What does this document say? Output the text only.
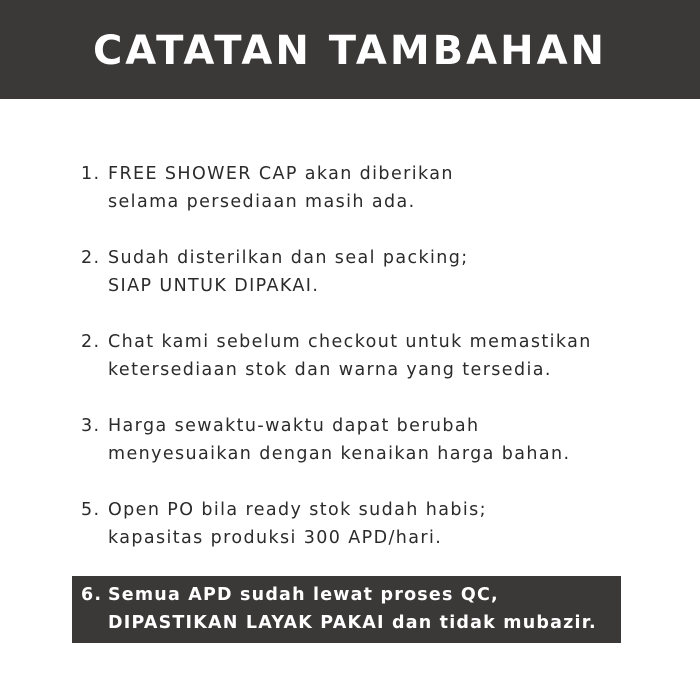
CATATAN TAMBAHAN
1. FREE SHOWER CAP akan diberikan
selama persediaan masih ada.
2. Sudah disterilkan dan seal packing;
SIAP UNTUK DIPAKAI.
2. Chat kami sebelum checkout untuk memastikan
ketersediaan stok dan warna yang tersedia.
3. Harga sewaktu-waktu dapat berubah
menyesuaikan dengan kenaikan harga bahan.
5. Open PO bila ready stok sudah habis;
kapasitas produksi 300 APD/hari.
6. Semua APD sudah lewat proses QC,
DIPASTIKAN LAYAK PAKAI dan tidak mubazir.
